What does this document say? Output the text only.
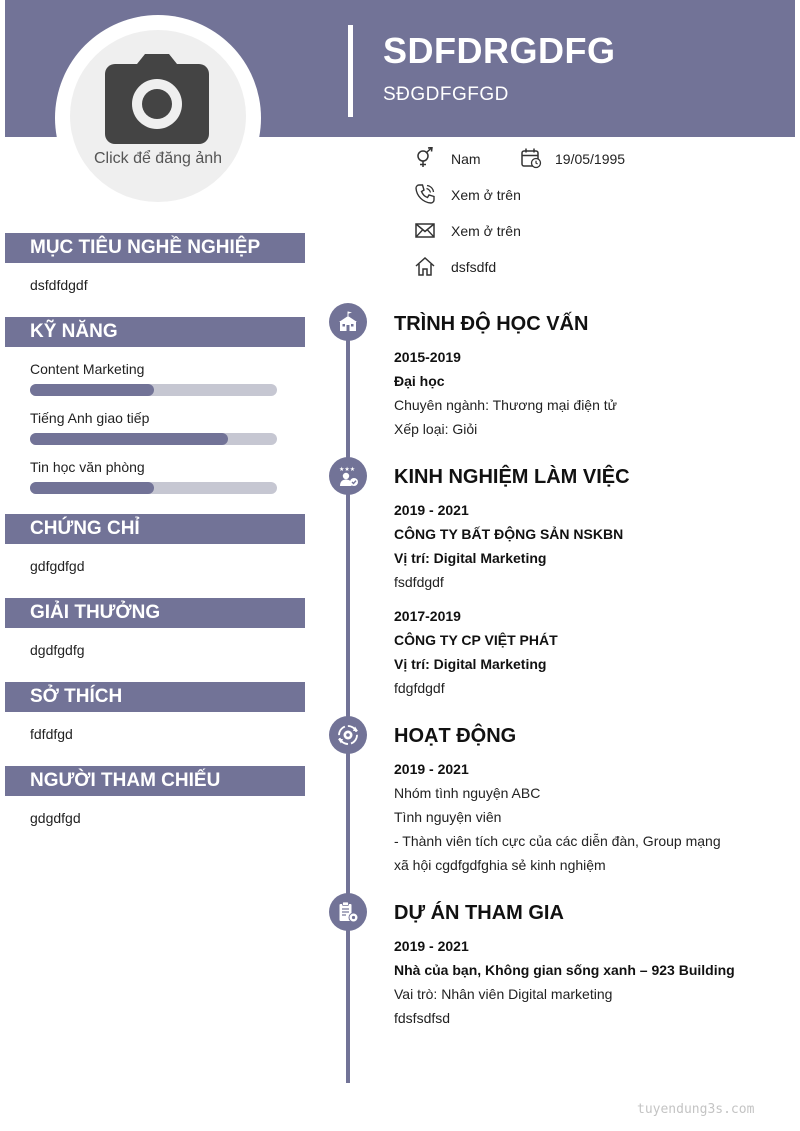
SDFDRGDFG
SĐGDFGFGD
Click để đăng ảnh	Nam	19/05/1995
Xem ở trên
Xem ở trên
dsfsdfd
MỤC TIÊU NGHỀ NGHIỆP
dsfdfdgdf
KỸ NĂNG
Content Marketing
Tiếng Anh giao tiếp
Tin học văn phòng
CHỨNG CHỈ
gdfgdfgd
GIẢI THƯỞNG
dgdfgdfg
SỞ THÍCH
fdfdfgd
NGƯỜI THAM CHIẾU
gdgdfgd
TRÌNH ĐỘ HỌC VẤN
2015-2019
Đại học
Chuyên ngành: Thương mại điện tử
Xếp loại: Giỏi
★★★ KINH NGHIỆM LÀM VIỆC
2019 - 2021
CÔNG TY BẤT ĐỘNG SẢN NSKBN
Vị trí: Digital Marketing
fsdfdgdf
2017-2019
CÔNG TY CP VIỆT PHÁT
Vị trí: Digital Marketing
fdgfdgdf
HOẠT ĐỘNG
2019 - 2021
Nhóm tình nguyện ABC
Tình nguyện viên
- Thành viên tích cực của các diễn đàn, Group mạng
xã hội cgdfgdfghia sẻ kinh nghiệm
DỰ ÁN THAM GIA
2019 - 2021
Nhà của bạn, Không gian sống xanh – 923 Building
Vai trò: Nhân viên Digital marketing
fdsfsdfsd
tuyendung3s.com
